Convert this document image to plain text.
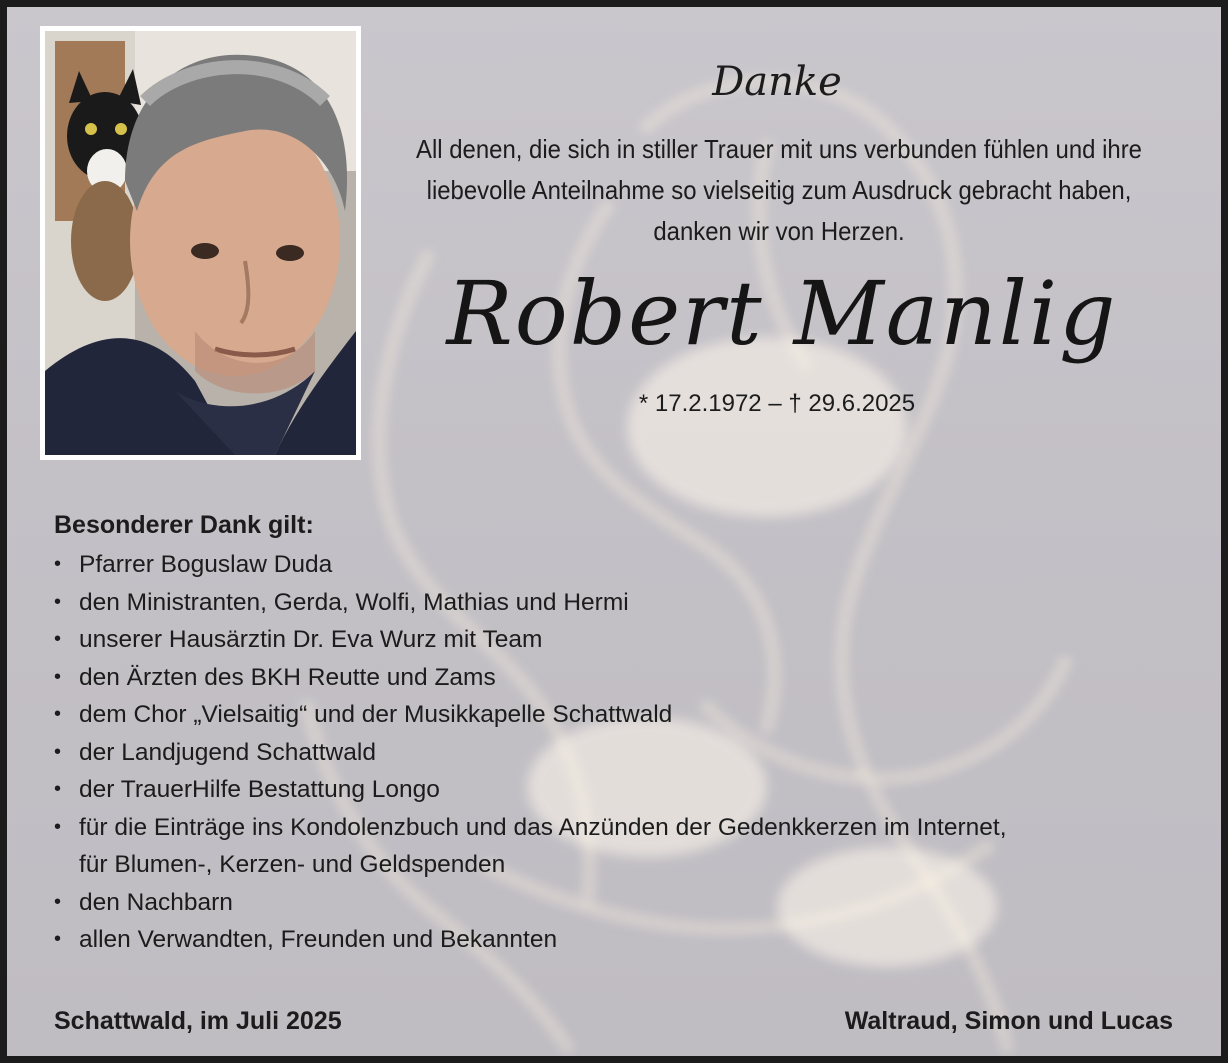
Danke
All denen, die sich in stiller Trauer mit uns verbunden fühlen und ihre
liebevolle Anteilnahme so vielseitig zum Ausdruck gebracht haben,
danken wir von Herzen.
Robert Manlig
* 17.2.1972 – † 29.6.2025
Besonderer Dank gilt:
• Pfarrer Boguslaw Duda
• den Ministranten, Gerda, Wolfi, Mathias und Hermi
• unserer Hausärztin Dr. Eva Wurz mit Team
• den Ärzten des BKH Reutte und Zams
• dem Chor „Vielsaitig“ und der Musikkapelle Schattwald
• der Landjugend Schattwald
• der TrauerHilfe Bestattung Longo
• für die Einträge ins Kondolenzbuch und das Anzünden der Gedenkkerzen im Internet,
für Blumen-, Kerzen- und Geldspenden
• den Nachbarn
• allen Verwandten, Freunden und Bekannten
Schattwald, im Juli 2025	Waltraud, Simon und Lucas
